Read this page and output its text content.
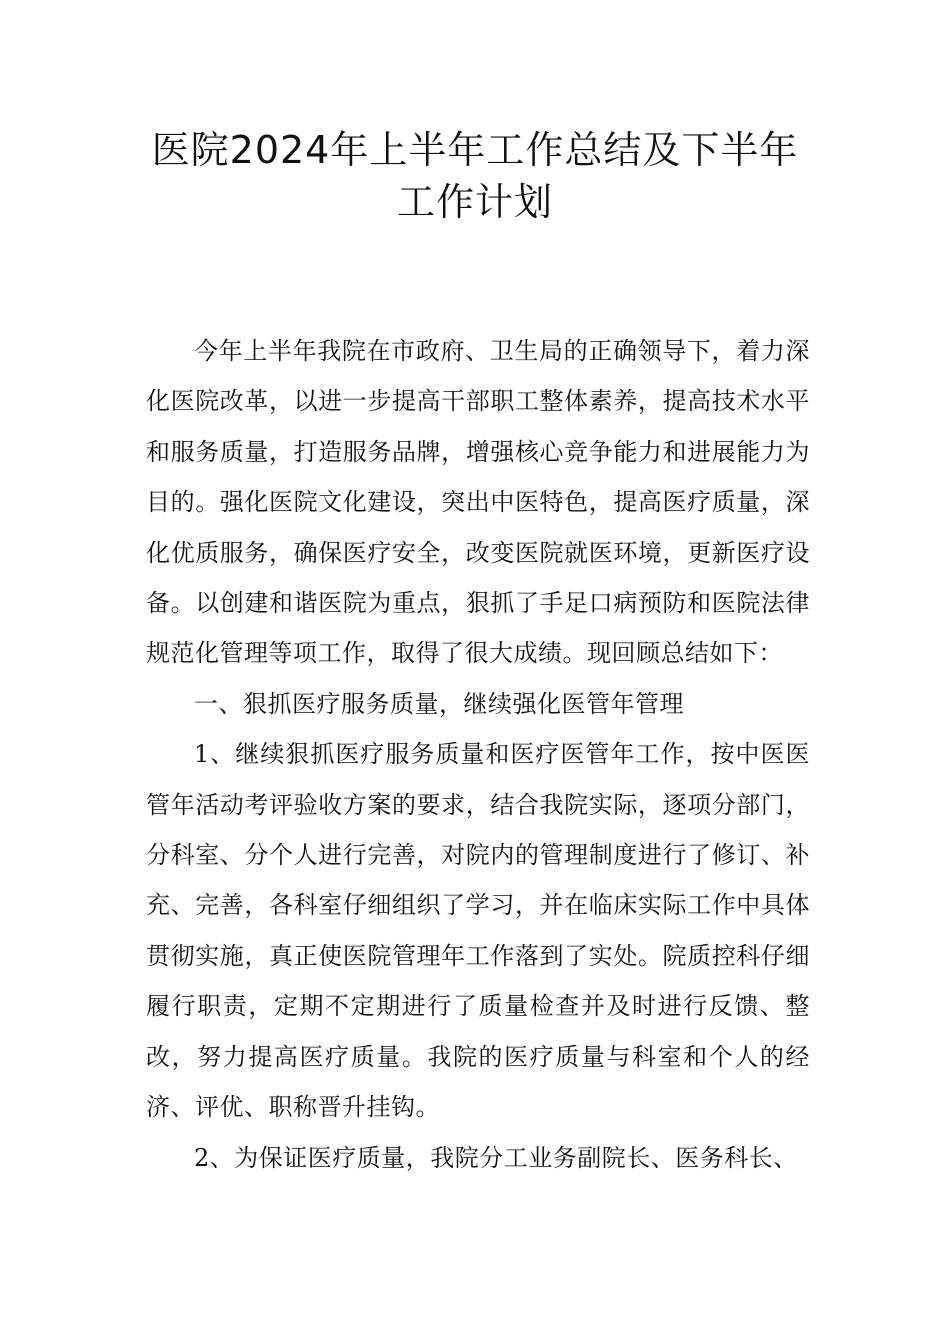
医院2024年上半年工作总结及下半年
工作计划

今年上半年我院在市政府、卫生局的正确领导下，着力深化医院改革，以进一步提高干部职工整体素养，提高技术水平和服务质量，打造服务品牌，增强核心竞争能力和进展能力为目的。强化医院文化建设，突出中医特色，提高医疗质量，深化优质服务，确保医疗安全，改变医院就医环境，更新医疗设备。以创建和谐医院为重点，狠抓了手足口病预防和医院法律规范化管理等项工作，取得了很大成绩。现回顾总结如下：

一、狠抓医疗服务质量，继续强化医管年管理

1、继续狠抓医疗服务质量和医疗医管年工作，按中医医管年活动考评验收方案的要求，结合我院实际，逐项分部门，分科室、分个人进行完善，对院内的管理制度进行了修订、补充、完善，各科室仔细组织了学习，并在临床实际工作中具体贯彻实施，真正使医院管理年工作落到了实处。院质控科仔细履行职责，定期不定期进行了质量检查并及时进行反馈、整改，努力提高医疗质量。我院的医疗质量与科室和个人的经济、评优、职称晋升挂钩。

2、为保证医疗质量，我院分工业务副院长、医务科长、
